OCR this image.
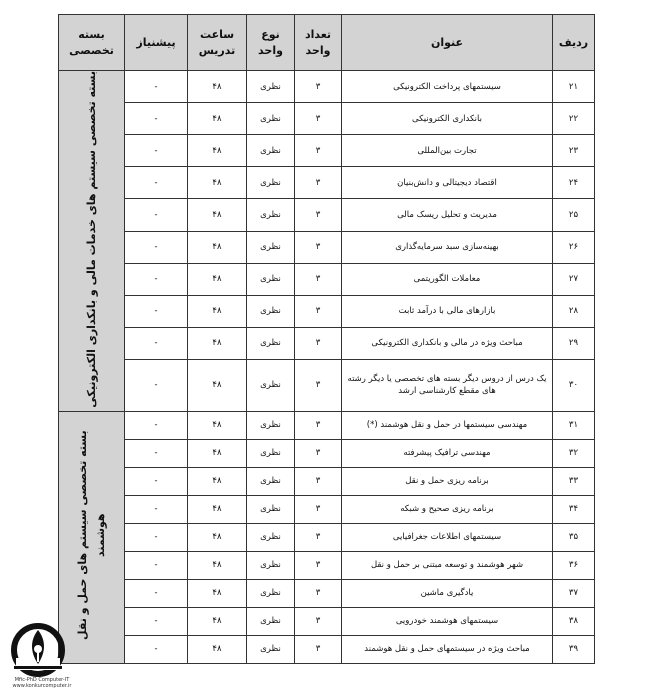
ردیف	عنوان	تعداد واحد	نوع واحد	ساعت تدریس	پیشنیاز	بسته تخصصی
۲۱	سیستمهای پرداخت الکترونیکی	۳	نظری	۴۸	-	بسته تخصصی سیستم های خدمات مالی و بانکداری الکترونیکی
۲۲	بانکداری الکترونیکی	۳	نظری	۴۸	-	
۲۳	تجارت بین‌المللی	۳	نظری	۴۸	-	
۲۴	اقتصاد دیجیتالی و دانش‌بنیان	۳	نظری	۴۸	-	
۲۵	مدیریت و تحلیل ریسک مالی	۳	نظری	۴۸	-	
۲۶	بهینه‌سازی سبد سرمایه‌گذاری	۳	نظری	۴۸	-	
۲۷	معاملات الگوریتمی	۳	نظری	۴۸	-	
۲۸	بازارهای مالی با درآمد ثابت	۳	نظری	۴۸	-	
۲۹	مباحث ویژه در مالی و بانکداری الکترونیکی	۳	نظری	۴۸	-	
۳۰	یک درس از دروس دیگر بسته های تخصصی یا دیگر رشته های مقطع کارشناسی ارشد	۳	نظری	۴۸	-	
۳۱	مهندسی سیستمها در حمل و نقل هوشمند (*)	۳	نظری	۴۸	-	بسته تخصصی سیستم های حمل و نقل هوشمند
۳۲	مهندسی ترافیک پیشرفته	۳	نظری	۴۸	-	
۳۳	برنامه ریزی حمل و نقل	۳	نظری	۴۸	-	
۳۴	برنامه ریزی صحیح و شبکه	۳	نظری	۴۸	-	
۳۵	سیستمهای اطلاعات جغرافیایی	۳	نظری	۴۸	-	
۳۶	شهر هوشمند و توسعه مبتنی بر حمل و نقل	۳	نظری	۴۸	-	
۳۷	یادگیری ماشین	۳	نظری	۴۸	-	
۳۸	سیستمهای هوشمند خودرویی	۳	نظری	۴۸	-	
۳۹	مباحث ویژه در سیستمهای حمل و نقل هوشمند	۳	نظری	۴۸	-	
Mfic-PhD Computer-IT
www.konkurcomputer.ir
